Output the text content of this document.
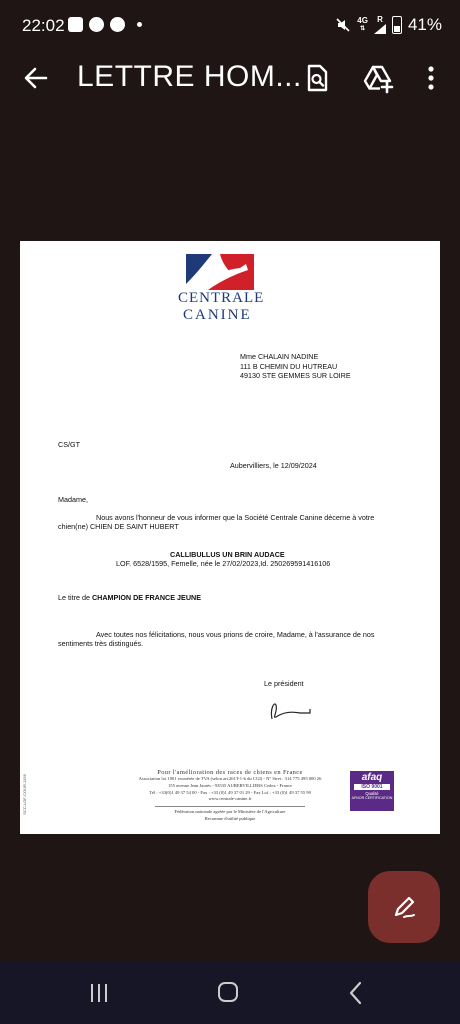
22:02	4G
⇅
R 41%
LETTRE HOM...
CENTRALE
CANINE
Mme CHALAIN NADINE
111 B CHEMIN DU HUTREAU
49130 STE GEMMES SUR LOIRE
CS/GT
Aubervilliers, le 12/09/2024
Madame,
Nous avons l'honneur de vous informer que la Société Centrale Canine décerne à votre
chien(ne) CHIEN DE SAINT HUBERT
CALLIBULLUS UN BRIN AUDACE
LOF. 6528/1595, Femelle, née le 27/02/2023,Id. 250269591416106
Le titre de CHAMPION DE FRANCE JEUNE
Avec toutes nos félicitations, nous vous prions de croire, Madame, à l'assurance de nos
sentiments très distingués.
Le président
SCC-LOF-COUR-1156
Pour l'amélioration des races de chiens en France
Association loi 1901 exonérée de TVA (selon art.261T-1-b du CGI) - N° Siret : 314 775 495 000 26
155 avenue Jean Jaurès - 93535 AUBERVILLIERS Cedex - France
Tél : +33(0)1 49 37 54 00 - Fax : +33 (0)1 49 37 01 29 - Fax Lof : +33 (0)1 49 37 55 99
www.centrale-canine.fr
Fédération nationale agréée par le Ministère de l'Agriculture
Reconnue d'utilité publique
afaq
ISO 9001
Qualité
AFNOR CERTIFICATION
